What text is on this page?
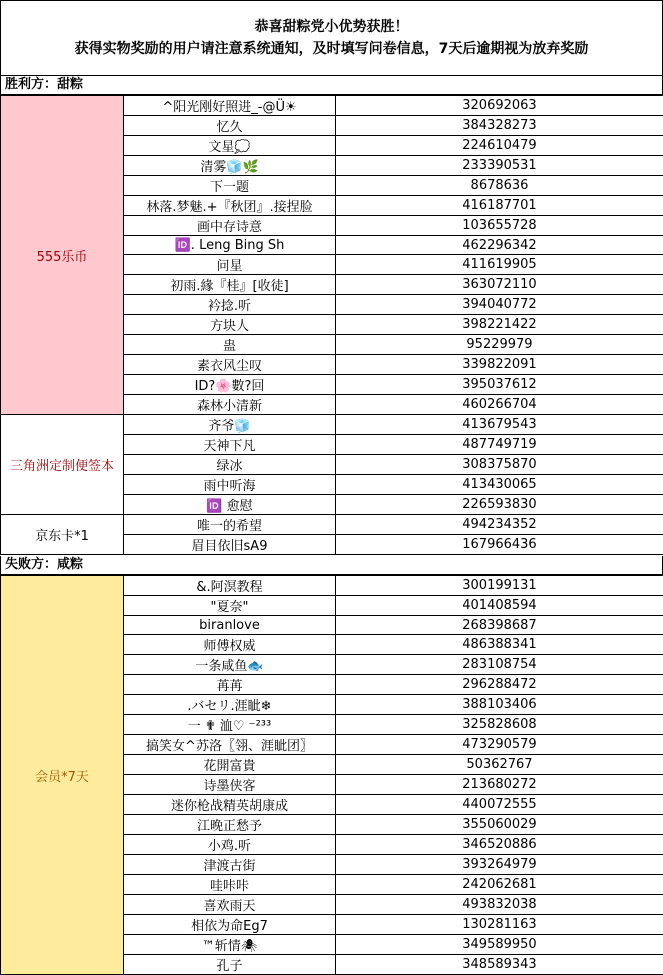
恭喜甜粽党小优势获胜！
获得实物奖励的用户请注意系统通知，及时填写问卷信息，7天后逾期视为放弃奖励
胜利方：甜粽
555乐币	^阳光刚好照进_-@Ü☀	320692063
	忆久	384328273
	文星💭	224610479
	清雾🧊🌿	233390531
	下一题	8678636
	林落.梦魅.+『秋团』.接捏脸	416187701
	画中存诗意	103655728
	🆔. Leng Bing Sh	462296342
	问星	411619905
	初雨.緣『桂』[收徒]	363072110
	衿捻.听	394040772
	方块人	398221422
	蛊	95229979
	素衣风尘叹	339822091
	ID?🌸數?回	395037612
	森林小清新	460266704
三角洲定制便签本	齐爷🧊	413679543
	天神下凡	487749719
	绿冰	308375870
	雨中听海	413430065
	🆔 愈慰	226593830
京东卡*1	唯一的希望	494234352
	眉目依旧sA9	167966436
失败方：咸粽
会员*7天	&.阿溟教程	300199131
	"夏奈"	401408594
	biranlove	268398687
	师傅权威	486388341
	一条咸鱼🐟	283108754
	苒苒	296288472
	.バセリ.涯眦❄	388103406
	一 ✟ 洫♡ ⁻²³³	325828608
	搞笑女^苏洛〖翎、涯眦团〗	473290579
	花開富貴	50362767
	诗墨侠客	213680272
	迷你枪战精英胡康成	440072555
	江晚正愁予	355060029
	小鸡.听	346520886
	津渡古街	393264979
	哇咔咔	242062681
	喜欢雨天	493832038
	相依为命Eg7	130281163
	™斩情🕷	349589950
	孔子	348589343
